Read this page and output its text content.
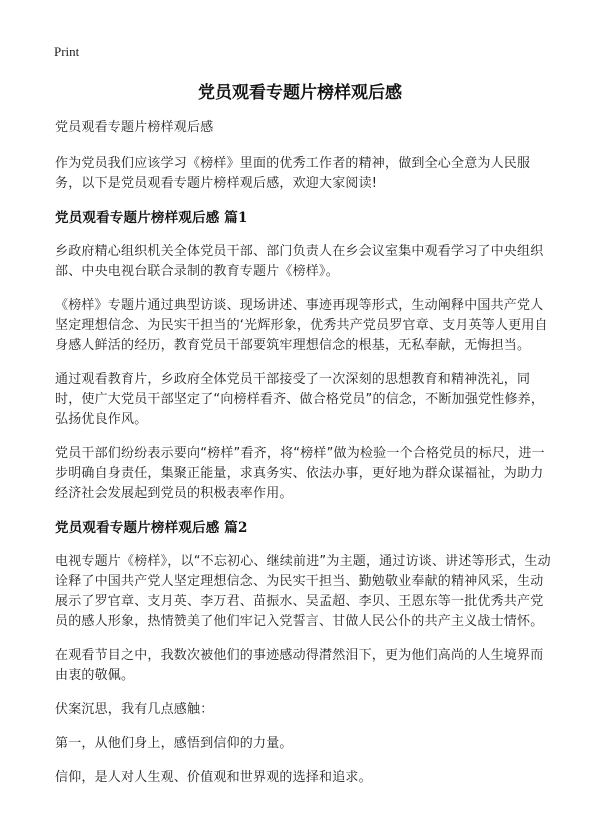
Print
党员观看专题片榜样观后感

党员观看专题片榜样观后感

作为党员我们应该学习《榜样》里面的优秀工作者的精神，做到全心全意为人民服务，以下是党员观看专题片榜样观后感，欢迎大家阅读!

党员观看专题片榜样观后感 篇1

乡政府精心组织机关全体党员干部、部门负责人在乡会议室集中观看学习了中央组织部、中央电视台联合录制的教育专题片《榜样》。

《榜样》专题片通过典型访谈、现场讲述、事迹再现等形式，生动阐释中国共产党人坚定理想信念、为民实干担当的‘光辉形象，优秀共产党员罗官章、支月英等人更用自身感人鲜活的经历，教育党员干部要筑牢理想信念的根基，无私奉献，无悔担当。

通过观看教育片，乡政府全体党员干部接受了一次深刻的思想教育和精神洗礼，同时，使广大党员干部坚定了“向榜样看齐、做合格党员”的信念，不断加强党性修养，弘扬优良作风。

党员干部们纷纷表示要向“榜样”看齐，将“榜样”做为检验一个合格党员的标尺，进一步明确自身责任，集聚正能量，求真务实、依法办事，更好地为群众谋福祉，为助力经济社会发展起到党员的积极表率作用。

党员观看专题片榜样观后感 篇2

电视专题片《榜样》，以“不忘初心、继续前进”为主题，通过访谈、讲述等形式，生动诠释了中国共产党人坚定理想信念、为民实干担当、勤勉敬业奉献的精神风采，生动展示了罗官章、支月英、李万君、苗振水、吴孟超、李贝、王恩东等一批优秀共产党员的感人形象，热情赞美了他们牢记入党誓言、甘做人民公仆的共产主义战士情怀。

在观看节目之中，我数次被他们的事迹感动得潸然泪下，更为他们高尚的人生境界而由衷的敬佩。

伏案沉思，我有几点感触：

第一，从他们身上，感悟到信仰的力量。

信仰，是人对人生观、价值观和世界观的选择和追求。
